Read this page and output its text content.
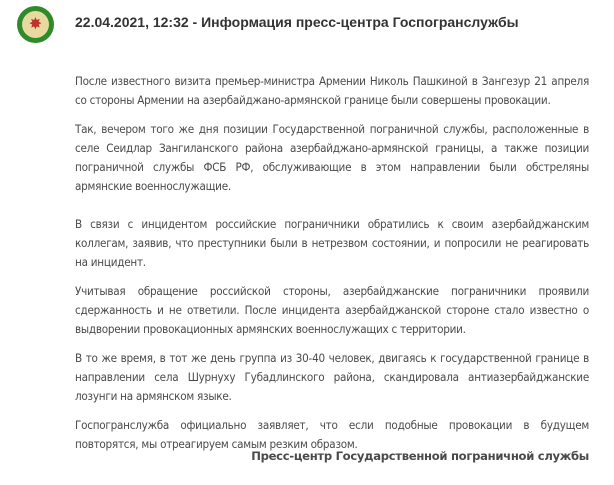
✸ 22.04.2021, 12:32 - Информация пресс-центра Госпогранслужбы

После известного визита премьер-министра Армении Николь Пашкиной в Зангезур 21 апреля со стороны Армении на азербайджано-армянской границе были совершены провокации.

Так, вечером того же дня позиции Государственной пограничной службы, расположенные в селе Сеидлар Зангиланского района азербайджано-армянской границы, а также позиции пограничной службы ФСБ РФ, обслуживающие в этом направлении были обстреляны армянские военнослужащие.

В связи с инцидентом российские пограничники обратились к своим азербайджанским коллегам, заявив, что преступники были в нетрезвом состоянии, и попросили не реагировать на инцидент.

Учитывая обращение российской стороны, азербайджанские пограничники проявили сдержанность и не ответили. После инцидента азербайджанской стороне стало известно о выдворении провокационных армянских военнослужащих с территории.

В то же время, в тот же день группа из 30-40 человек, двигаясь к государственной границе в направлении села Шурнуху Губадлинского района, скандировала антиазербайджанские лозунги на армянском языке.

Госпогранслужба официально заявляет, что если подобные провокации в будущем повторятся, мы отреагируем самым резким образом.

Пресс-центр Государственной пограничной службы
